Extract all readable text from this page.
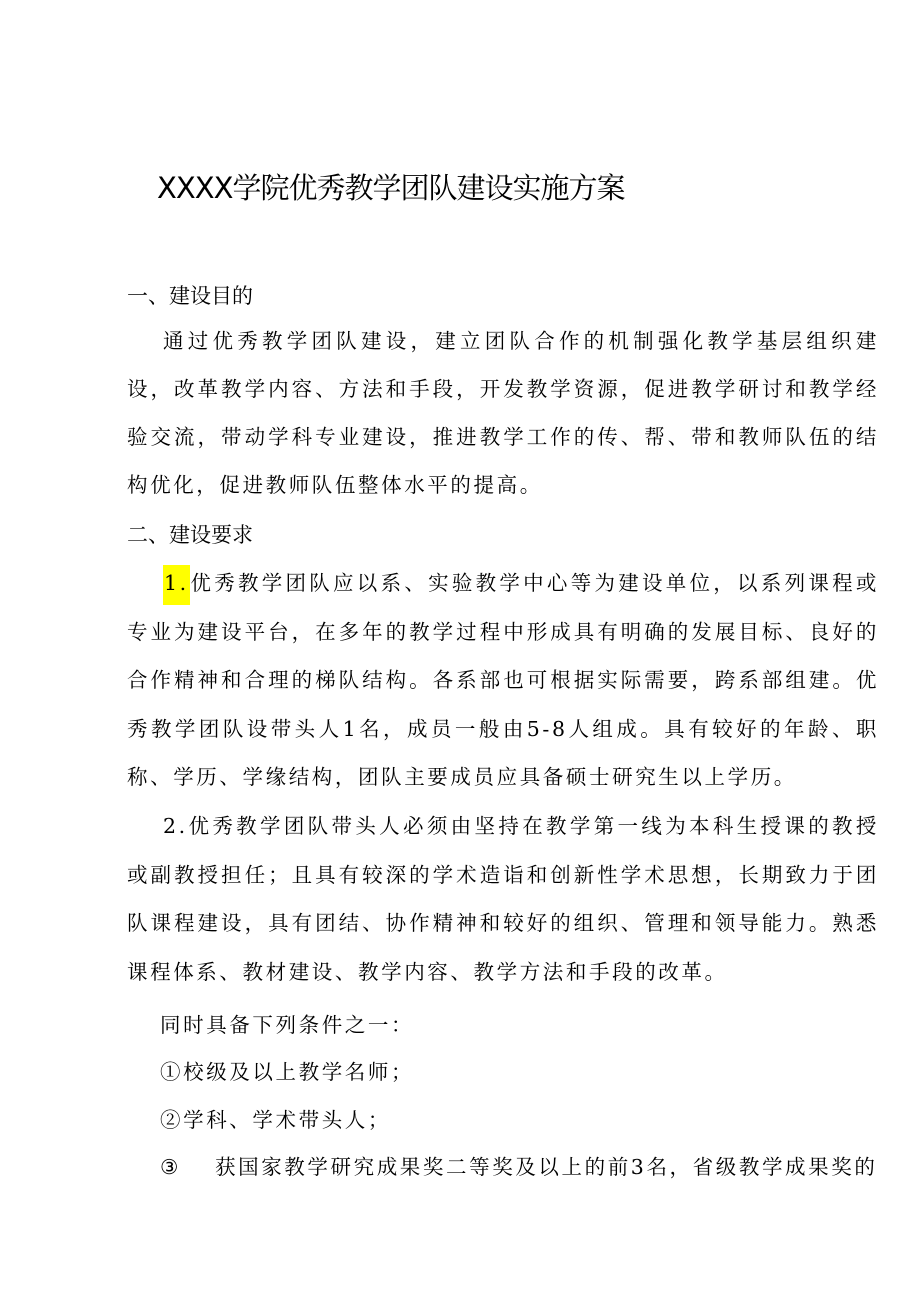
XXXX学院优秀教学团队建设实施方案
一、建设目的
通过优秀教学团队建设，建立团队合作的机制强化教学基层组织建设，改革教学内容、方法和手段，开发教学资源，促进教学研讨和教学经验交流，带动学科专业建设，推进教学工作的传、帮、带和教师队伍的结构优化，促进教师队伍整体水平的提高。
二、建设要求
1.优秀教学团队应以系、实验教学中心等为建设单位，以系列课程或专业为建设平台，在多年的教学过程中形成具有明确的发展目标、良好的合作精神和合理的梯队结构。各系部也可根据实际需要，跨系部组建。优秀教学团队设带头人1名，成员一般由5-8人组成。具有较好的年龄、职称、学历、学缘结构，团队主要成员应具备硕士研究生以上学历。
2.优秀教学团队带头人必须由坚持在教学第一线为本科生授课的教授或副教授担任；且具有较深的学术造诣和创新性学术思想，长期致力于团队课程建设，具有团结、协作精神和较好的组织、管理和领导能力。熟悉课程体系、教材建设、教学内容、教学方法和手段的改革。
同时具备下列条件之一：
①校级及以上教学名师；
②学科、学术带头人；
③ 获国家教学研究成果奖二等奖及以上的前3名，省级教学成果奖的
